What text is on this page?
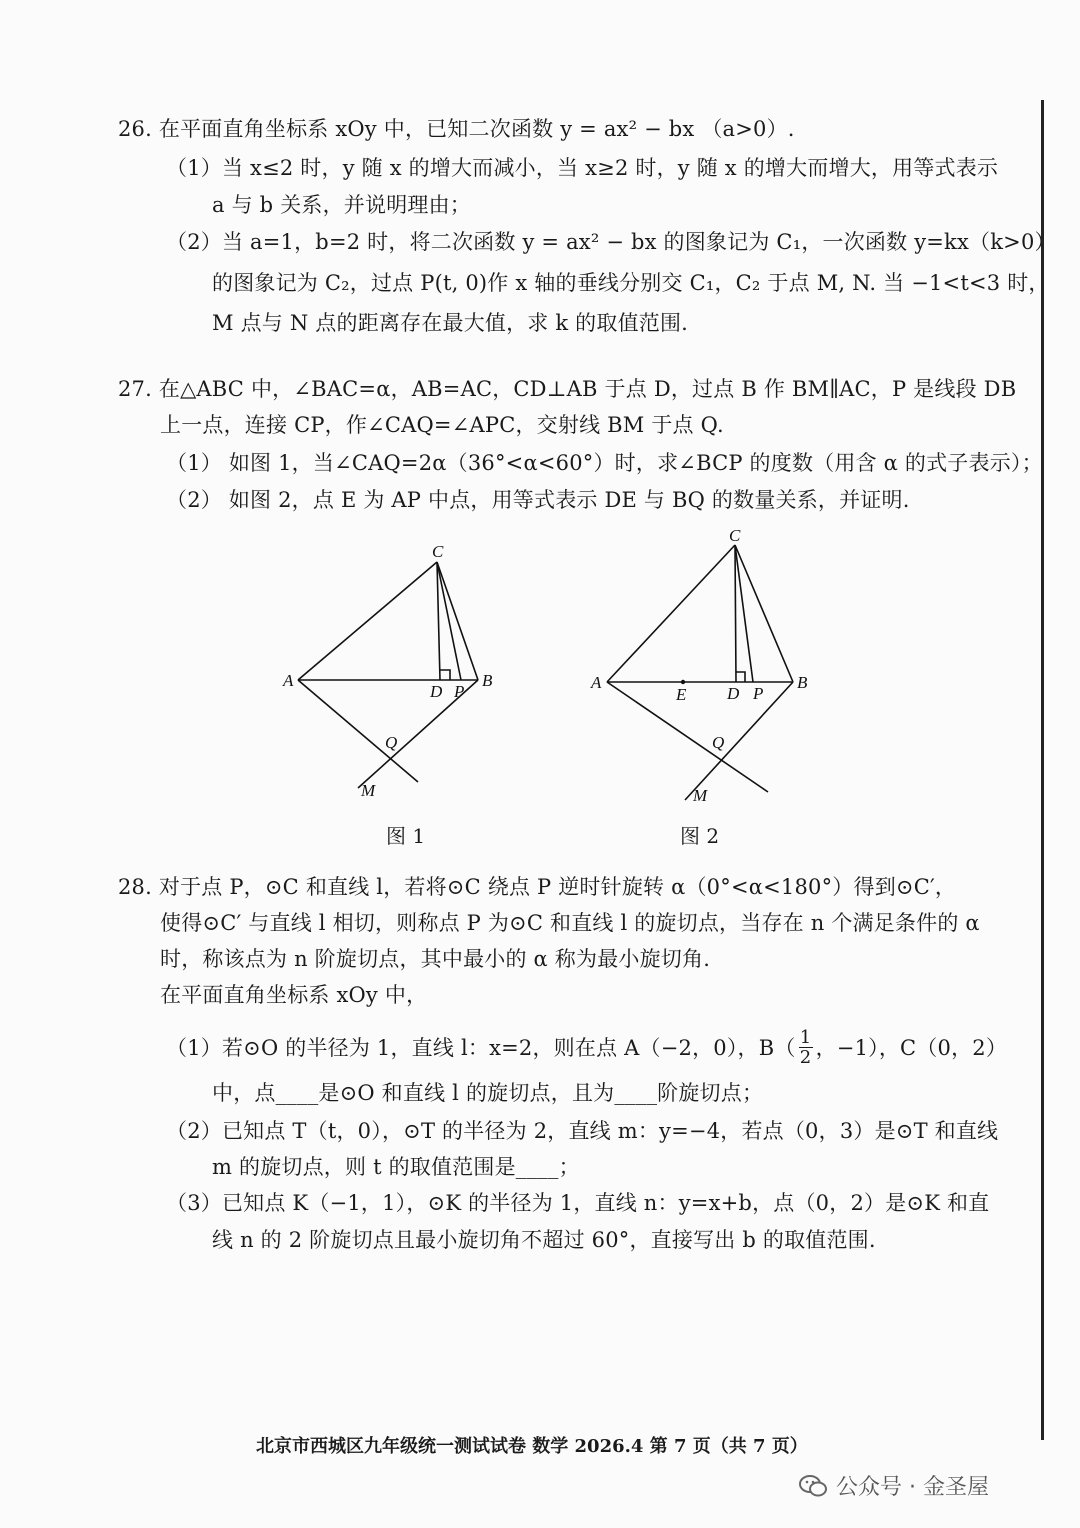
26. 在平面直角坐标系 xOy 中，已知二次函数 y = ax² − bx （a>0）.
（1）当 x≤2 时，y 随 x 的增大而减小，当 x≥2 时，y 随 x 的增大而增大，用等式表示
a 与 b 关系，并说明理由；
（2）当 a=1，b=2 时，将二次函数 y = ax² − bx 的图象记为 C₁，一次函数 y=kx（k>0）
的图象记为 C₂，过点 P(t, 0)作 x 轴的垂线分别交 C₁，C₂ 于点 M, N. 当 −1<t<3 时，
M 点与 N 点的距离存在最大值，求 k 的取值范围.
27. 在△ABC 中，∠BAC=α，AB=AC，CD⊥AB 于点 D，过点 B 作 BM∥AC，P 是线段 DB
上一点，连接 CP，作∠CAQ=∠APC，交射线 BM 于点 Q.
（1） 如图 1，当∠CAQ=2α（36°<α<60°）时，求∠BCP 的度数（用含 α 的式子表示）；
（2） 如图 2，点 E 为 AP 中点，用等式表示 DE 与 BQ 的数量关系，并证明.
C
A	B
D P
Q
M
图 1
C
A	B
E D P
Q
M
图 2
28. 对于点 P，⊙C 和直线 l，若将⊙C 绕点 P 逆时针旋转 α（0°<α<180°）得到⊙C′，
使得⊙C′ 与直线 l 相切，则称点 P 为⊙C 和直线 l 的旋切点，当存在 n 个满足条件的 α
时，称该点为 n 阶旋切点，其中最小的 α 称为最小旋切角.
在平面直角坐标系 xOy 中，
（1）若⊙O 的半径为 1，直线 l：x=2，则在点 A（−2，0），B（ 1
2 ，−1），C（0，2）
中，点____是⊙O 和直线 l 的旋切点，且为____阶旋切点；
（2）已知点 T（t，0），⊙T 的半径为 2，直线 m：y=−4，若点（0，3）是⊙T 和直线
m 的旋切点，则 t 的取值范围是____；
（3）已知点 K（−1，1），⊙K 的半径为 1，直线 n：y=x+b，点（0，2）是⊙K 和直
线 n 的 2 阶旋切点且最小旋切角不超过 60°，直接写出 b 的取值范围.
北京市西城区九年级统一测试试卷 数学 2026.4 第 7 页（共 7 页）
公众号 · 金圣屋
